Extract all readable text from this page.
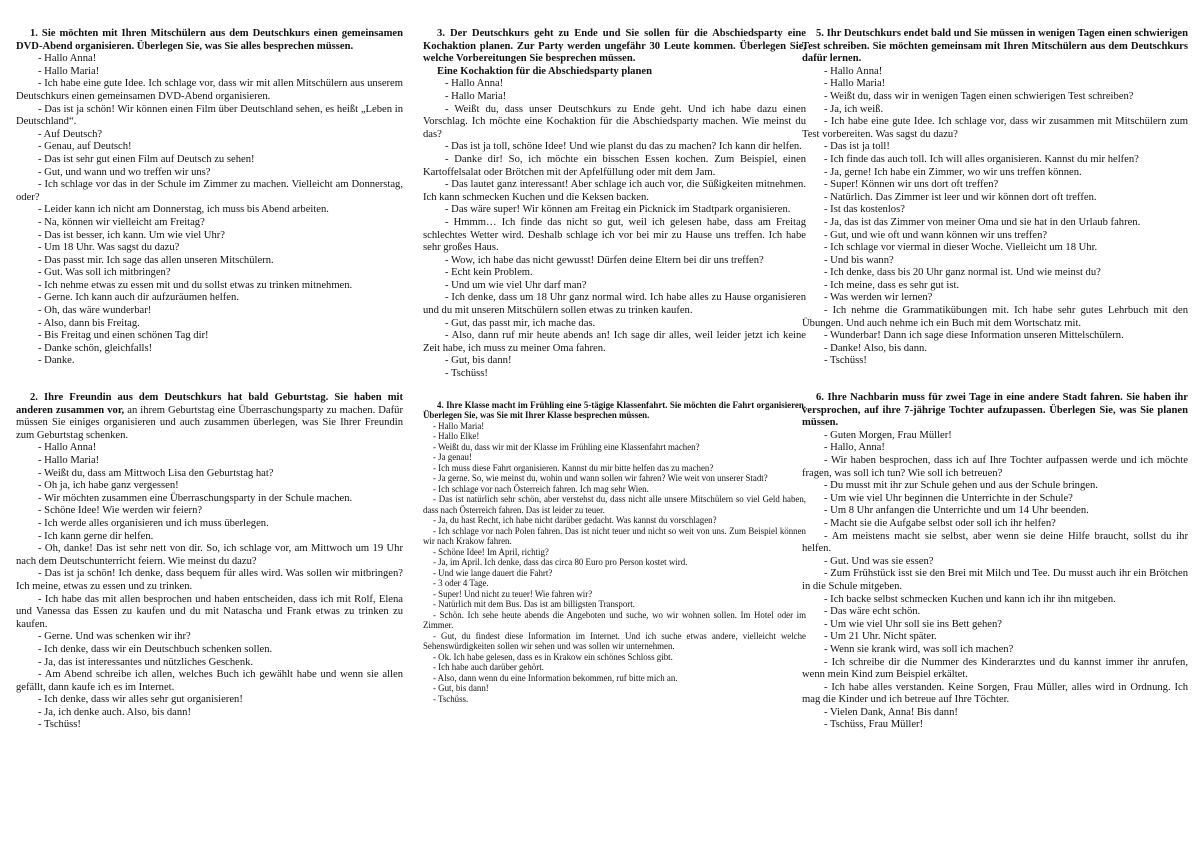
1. Sie möchten mit Ihren Mitschülern aus dem Deutschkurs einen gemeinsamen DVD-Abend organisieren. Überlegen Sie, was Sie alles besprechen müssen.

- Hallo Anna!

- Hallo Maria!

- Ich habe eine gute Idee. Ich schlage vor, dass wir mit allen Mitschülern aus unserem Deutschkurs einen gemeinsamen DVD-Abend organisieren.

- Das ist ja schön! Wir können einen Film über Deutschland sehen, es heißt „Leben in Deutschland“.

- Auf Deutsch?

- Genau, auf Deutsch!

- Das ist sehr gut einen Film auf Deutsch zu sehen!

- Gut, und wann und wo treffen wir uns?

- Ich schlage vor das in der Schule im Zimmer zu machen. Vielleicht am Donnerstag, oder?

- Leider kann ich nicht am Donnerstag, ich muss bis Abend arbeiten.

- Na, können wir vielleicht am Freitag?

- Das ist besser, ich kann. Um wie viel Uhr?

- Um 18 Uhr. Was sagst du dazu?

- Das passt mir. Ich sage das allen unseren Mitschülern.

- Gut. Was soll ich mitbringen?

- Ich nehme etwas zu essen mit und du sollst etwas zu trinken mitnehmen.

- Gerne. Ich kann auch dir aufzuräumen helfen.

- Oh, das wäre wunderbar!

- Also, dann bis Freitag.

- Bis Freitag und einen schönen Tag dir!

- Danke schön, gleichfalls!

- Danke.

2. Ihre Freundin aus dem Deutschkurs hat bald Geburtstag. Sie haben mit anderen zusammen vor, an ihrem Geburtstag eine Überraschungsparty zu machen. Dafür müssen Sie einiges organisieren und auch zusammen überlegen, was Sie Ihrer Freundin zum Geburtstag schenken.

- Hallo Anna!

- Hallo Maria!

- Weißt du, dass am Mittwoch Lisa den Geburtstag hat?

- Oh ja, ich habe ganz vergessen!

- Wir möchten zusammen eine Überraschungsparty in der Schule machen.

- Schöne Idee! Wie werden wir feiern?

- Ich werde alles organisieren und ich muss überlegen.

- Ich kann gerne dir helfen.

- Oh, danke! Das ist sehr nett von dir. So, ich schlage vor, am Mittwoch um 19 Uhr nach dem Deutschunterricht feiern. Wie meinst du dazu?

- Das ist ja schön! Ich denke, dass bequem für alles wird. Was sollen wir mitbringen? Ich meine, etwas zu essen und zu trinken.

- Ich habe das mit allen besprochen und haben entscheiden, dass ich mit Rolf, Elena und Vanessa das Essen zu kaufen und du mit Natascha und Frank etwas zu trinken zu kaufen.

- Gerne. Und was schenken wir ihr?

- Ich denke, dass wir ein Deutschbuch schenken sollen.

- Ja, das ist interessantes und nützliches Geschenk.

- Am Abend schreibe ich allen, welches Buch ich gewählt habe und wenn sie allen gefällt, dann kaufe ich es im Internet.

- Ich denke, dass wir alles sehr gut organisieren!

- Ja, ich denke auch. Also, bis dann!

- Tschüss!

3. Der Deutschkurs geht zu Ende und Sie sollen für die Abschiedsparty eine Kochaktion planen. Zur Party werden ungefähr 30 Leute kommen. Überlegen Sie, welche Vorbereitungen Sie besprechen müssen.

Eine Kochaktion für die Abschiedsparty planen

- Hallo Anna!

- Hallo Maria!

- Weißt du, dass unser Deutschkurs zu Ende geht. Und ich habe dazu einen Vorschlag. Ich möchte eine Kochaktion für die Abschiedsparty machen. Wie meinst du das?

- Das ist ja toll, schöne Idee! Und wie planst du das zu machen? Ich kann dir helfen.

- Danke dir! So, ich möchte ein bisschen Essen kochen. Zum Beispiel, einen Kartoffelsalat oder Brötchen mit der Apfelfüllung oder mit dem Jam.

- Das lautet ganz interessant! Aber schlage ich auch vor, die Süßigkeiten mitnehmen. Ich kann schmecken Kuchen und die Keksen backen.

- Das wäre super! Wir können am Freitag ein Picknick im Stadtpark organisieren.

- Hmmm… Ich finde das nicht so gut, weil ich gelesen habe, dass am Freitag schlechtes Wetter wird. Deshalb schlage ich vor bei mir zu Hause uns treffen. Ich habe sehr großes Haus.

- Wow, ich habe das nicht gewusst! Dürfen deine Eltern bei dir uns treffen?

- Echt kein Problem.

- Und um wie viel Uhr darf man?

- Ich denke, dass um 18 Uhr ganz normal wird. Ich habe alles zu Hause organisieren und du mit unseren Mitschülern sollen etwas zu trinken kaufen.

- Gut, das passt mir, ich mache das.

- Also, dann ruf mir heute abends an! Ich sage dir alles, weil leider jetzt ich keine Zeit habe, ich muss zu meiner Oma fahren.

- Gut, bis dann!

- Tschüss!

4. Ihre Klasse macht im Frühling eine 5-tägige Klassenfahrt. Sie möchten die Fahrt organisieren. Überlegen Sie, was Sie mit Ihrer Klasse besprechen müssen.

- Hallo Maria!

- Hallo Elke!

- Weißt du, dass wir mit der Klasse im Frühling eine Klassenfahrt machen?

- Ja genau!

- Ich muss diese Fahrt organisieren. Kannst du mir bitte helfen das zu machen?

- Ja gerne. So, wie meinst du, wohin und wann sollen wir fahren? Wie weit von unserer Stadt?

- Ich schlage vor nach Österreich fahren. Ich mag sehr Wien.

- Das ist natürlich sehr schön, aber verstehst du, dass nicht alle unsere Mitschülern so viel Geld haben, dass nach Österreich fahren. Das ist leider zu teuer.

- Ja, du hast Recht, ich habe nicht darüber gedacht. Was kannst du vorschlagen?

- Ich schlage vor nach Polen fahren. Das ist nicht teuer und nicht so weit von uns. Zum Beispiel können wir nach Krakow fahren.

- Schöne Idee! Im April, richtig?

- Ja, im April. Ich denke, dass das circa 80 Euro pro Person kostet wird.

- Und wie lange dauert die Fahrt?

- 3 oder 4 Tage.

- Super! Und nicht zu teuer! Wie fahren wir?

- Natürlich mit dem Bus. Das ist am billigsten Transport.

- Schön. Ich sehe heute abends die Angeboten und suche, wo wir wohnen sollen. Im Hotel oder im Zimmer.

- Gut, du findest diese Information im Internet. Und ich suche etwas andere, vielleicht welche Sehenswürdigkeiten sollen wir sehen und was sollen wir unternehmen.

- Ok. Ich habe gelesen, dass es in Krakow ein schönes Schloss gibt.

- Ich habe auch darüber gehört.

- Also, dann wenn du eine Information bekommen, ruf bitte mich an.

- Gut, bis dann!

- Tschüss.

5. Ihr Deutschkurs endet bald und Sie müssen in wenigen Tagen einen schwierigen Test schreiben. Sie möchten gemeinsam mit Ihren Mitschülern aus dem Deutschkurs dafür lernen.

- Hallo Anna!

- Hallo Maria!

- Weißt du, dass wir in wenigen Tagen einen schwierigen Test schreiben?

- Ja, ich weiß.

- Ich habe eine gute Idee. Ich schlage vor, dass wir zusammen mit Mitschülern zum Test vorbereiten. Was sagst du dazu?

- Das ist ja toll!

- Ich finde das auch toll. Ich will alles organisieren. Kannst du mir helfen?

- Ja, gerne! Ich habe ein Zimmer, wo wir uns treffen können.

- Super! Können wir uns dort oft treffen?

- Natürlich. Das Zimmer ist leer und wir können dort oft treffen.

- Ist das kostenlos?

- Ja, das ist das Zimmer von meiner Oma und sie hat in den Urlaub fahren.

- Gut, und wie oft und wann können wir uns treffen?

- Ich schlage vor viermal in dieser Woche. Vielleicht um 18 Uhr.

- Und bis wann?

- Ich denke, dass bis 20 Uhr ganz normal ist. Und wie meinst du?

- Ich meine, dass es sehr gut ist.

- Was werden wir lernen?

- Ich nehme die Grammatikübungen mit. Ich habe sehr gutes Lehrbuch mit den Übungen. Und auch nehme ich ein Buch mit dem Wortschatz mit.

- Wunderbar! Dann ich sage diese Information unseren Mittelschülern.

- Danke! Also, bis dann.

- Tschüss!

6. Ihre Nachbarin muss für zwei Tage in eine andere Stadt fahren. Sie haben ihr versprochen, auf ihre 7-jährige Tochter aufzupassen. Überlegen Sie, was Sie planen müssen.

- Guten Morgen, Frau Müller!

- Hallo, Anna!

- Wir haben besprochen, dass ich auf Ihre Tochter aufpassen werde und ich möchte fragen, was soll ich tun? Wie soll ich betreuen?

- Du musst mit ihr zur Schule gehen und aus der Schule bringen.

- Um wie viel Uhr beginnen die Unterrichte in der Schule?

- Um 8 Uhr anfangen die Unterrichte und um 14 Uhr beenden.

- Macht sie die Aufgabe selbst oder soll ich ihr helfen?

- Am meistens macht sie selbst, aber wenn sie deine Hilfe braucht, sollst du ihr helfen.

- Gut. Und was sie essen?

- Zum Frühstück isst sie den Brei mit Milch und Tee. Du musst auch ihr ein Brötchen in die Schule mitgeben.

- Ich backe selbst schmecken Kuchen und kann ich ihr ihn mitgeben.

- Das wäre echt schön.

- Um wie viel Uhr soll sie ins Bett gehen?

- Um 21 Uhr. Nicht später.

- Wenn sie krank wird, was soll ich machen?

- Ich schreibe dir die Nummer des Kinderarztes und du kannst immer ihr anrufen, wenn mein Kind zum Beispiel erkältet.

- Ich habe alles verstanden. Keine Sorgen, Frau Müller, alles wird in Ordnung. Ich mag die Kinder und ich betreue auf Ihre Töchter.

- Vielen Dank, Anna! Bis dann!

- Tschüss, Frau Müller!
